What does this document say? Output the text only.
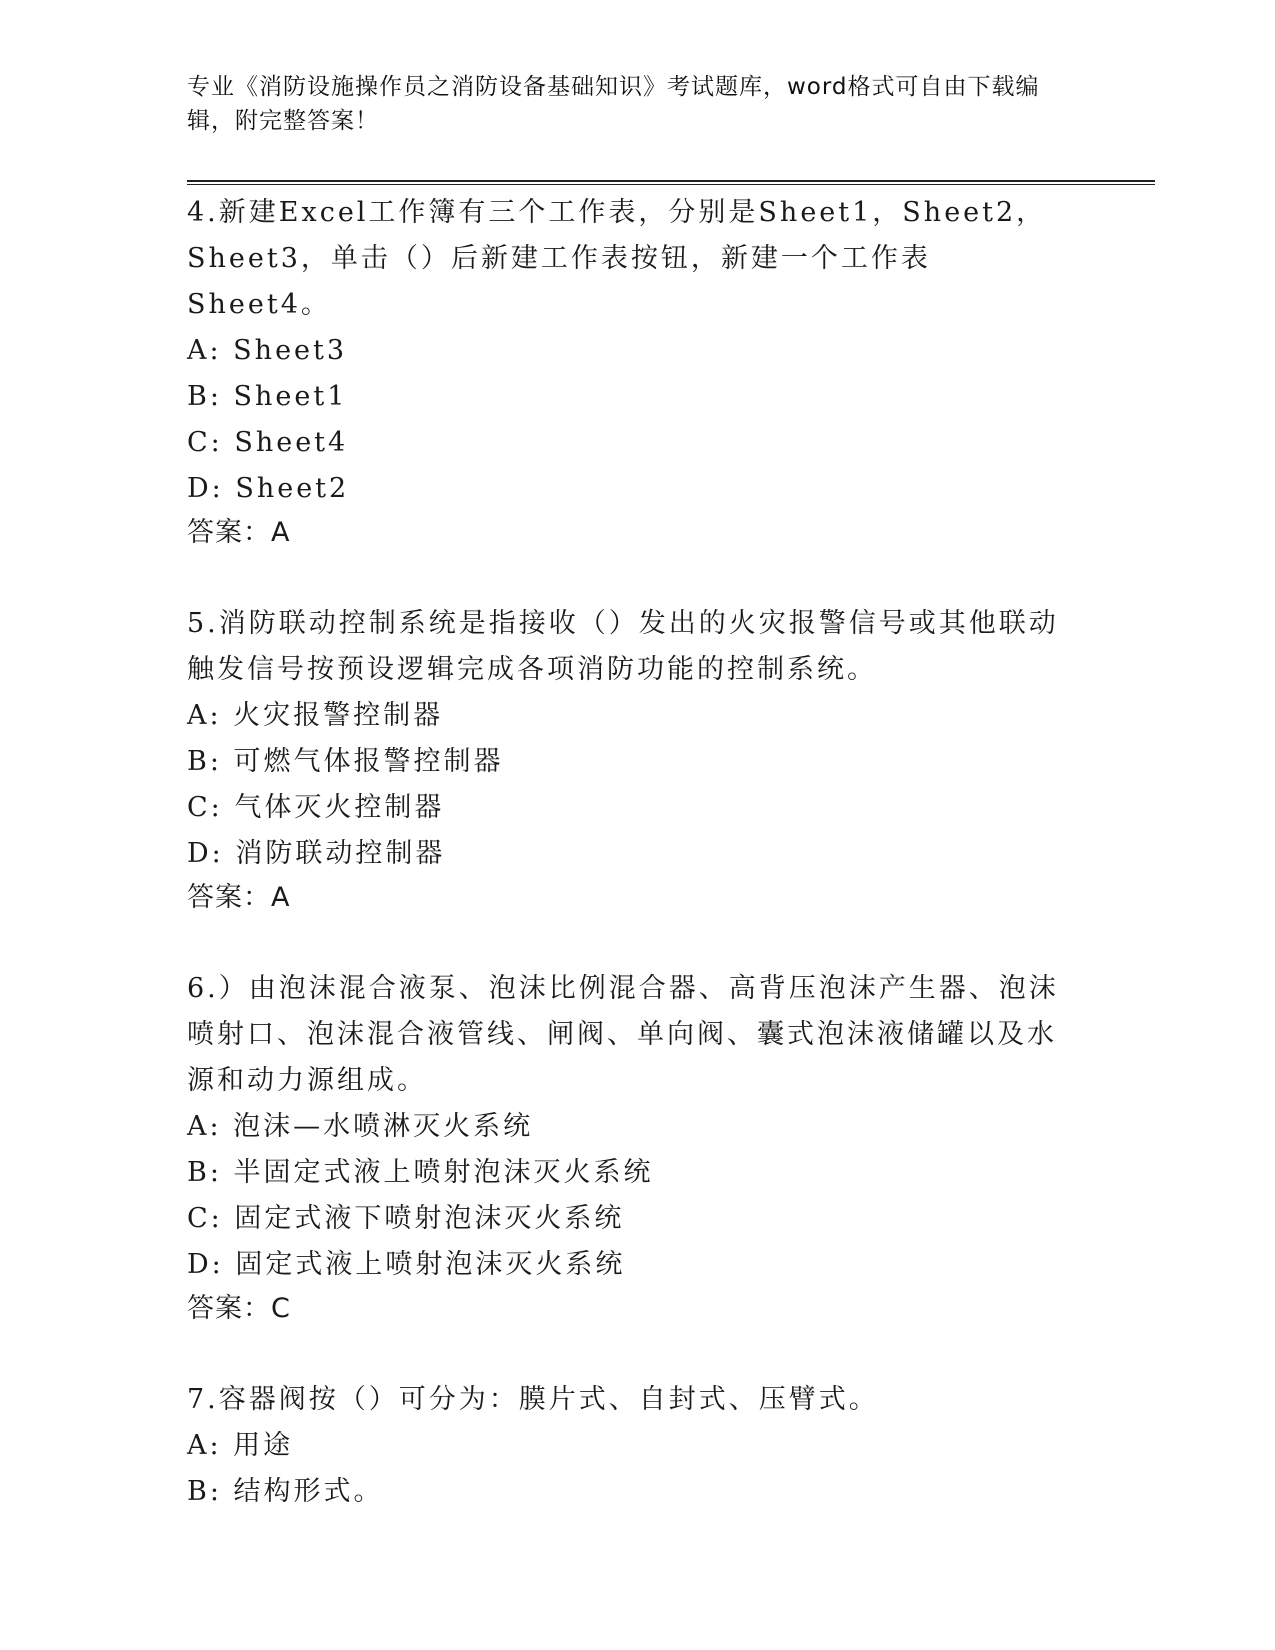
专业《消防设施操作员之消防设备基础知识》考试题库，word格式可自由下载编辑，附完整答案！

4.新建Excel工作簿有三个工作表，分别是Sheet1，Sheet2，Sheet3，单击（）后新建工作表按钮，新建一个工作表Sheet4。

A: Sheet3

B: Sheet1

C: Sheet4

D: Sheet2

答案：A

5.消防联动控制系统是指接收（）发出的火灾报警信号或其他联动触发信号按预设逻辑完成各项消防功能的控制系统。

A: 火灾报警控制器

B: 可燃气体报警控制器

C: 气体灭火控制器

D: 消防联动控制器

答案：A

6.）由泡沫混合液泵、泡沫比例混合器、高背压泡沫产生器、泡沫喷射口、泡沫混合液管线、闸阀、单向阀、囊式泡沫液储罐以及水源和动力源组成。

A: 泡沫—水喷淋灭火系统

B: 半固定式液上喷射泡沫灭火系统

C: 固定式液下喷射泡沫灭火系统

D: 固定式液上喷射泡沫灭火系统

答案：C

7.容器阀按（）可分为：膜片式、自封式、压臂式。

A: 用途

B: 结构形式。
